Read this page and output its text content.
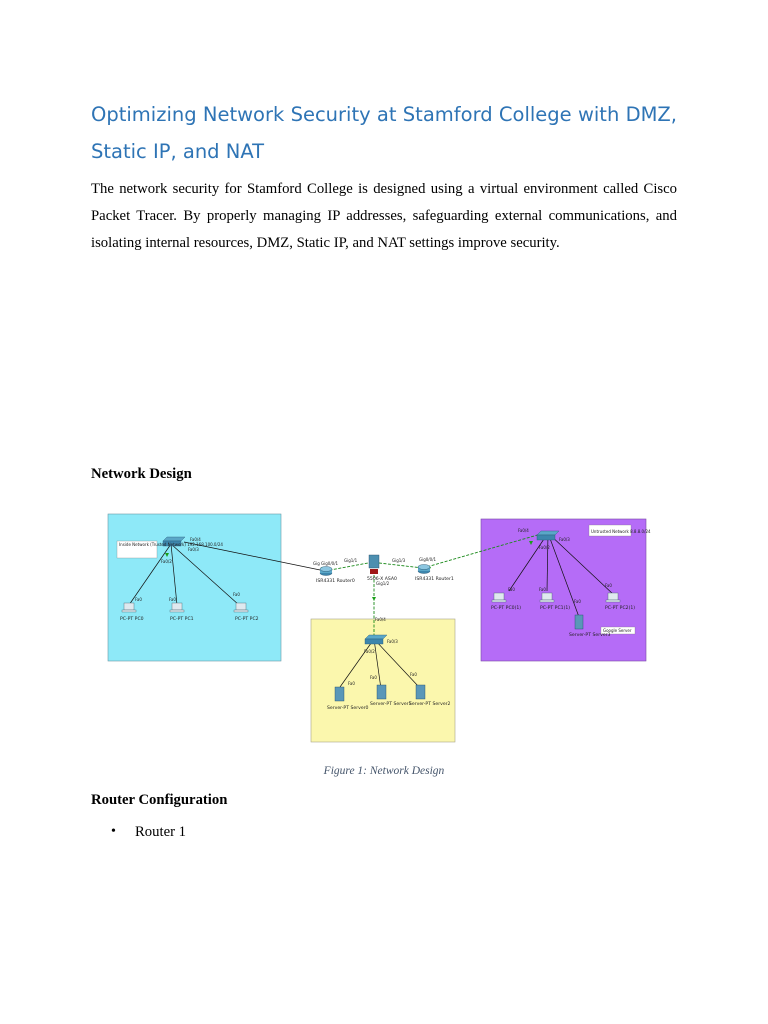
Optimizing Network Security at Stamford College with DMZ, Static IP, and NAT

The network security for Stamford College is designed using a virtual environment called Cisco Packet Tracer. By properly managing IP addresses, safeguarding external communications, and isolating internal resources, DMZ, Static IP, and NAT settings improve security.

Network Design
Inside Network (Trusted Network) 192.168.100.0/24
Untrusted Network 8.8.8.0/24
Google Server
PC-PT PC0	PC-PT PC1	PC-PT PC2
ISR4331 Router0	5506-X ASA0	ISR4331 Router1
PC-PT PC0(1)	PC-PT PC1(1)	PC-PT PC2(1)
Server-PT Server3
Server-PT Server0
Server-PT Server1
Server-PT Server2
Fa0/4
Fa0/3
Fa0/2
Fa0	Fa0
Fa0
Gig Gig0/0/1
Gig1/1	Gig1/3	Gig0/0/1
Gig1/2
Fa0/4
Fa0/3
Fa0/2
Fa0
Fa0
Fa0
Fa0/4
Fa0/3
Fa0/2
Fa0	Fa0
Fa0
Fa0

Figure 1: Network Design

Router Configuration
• Router 1
